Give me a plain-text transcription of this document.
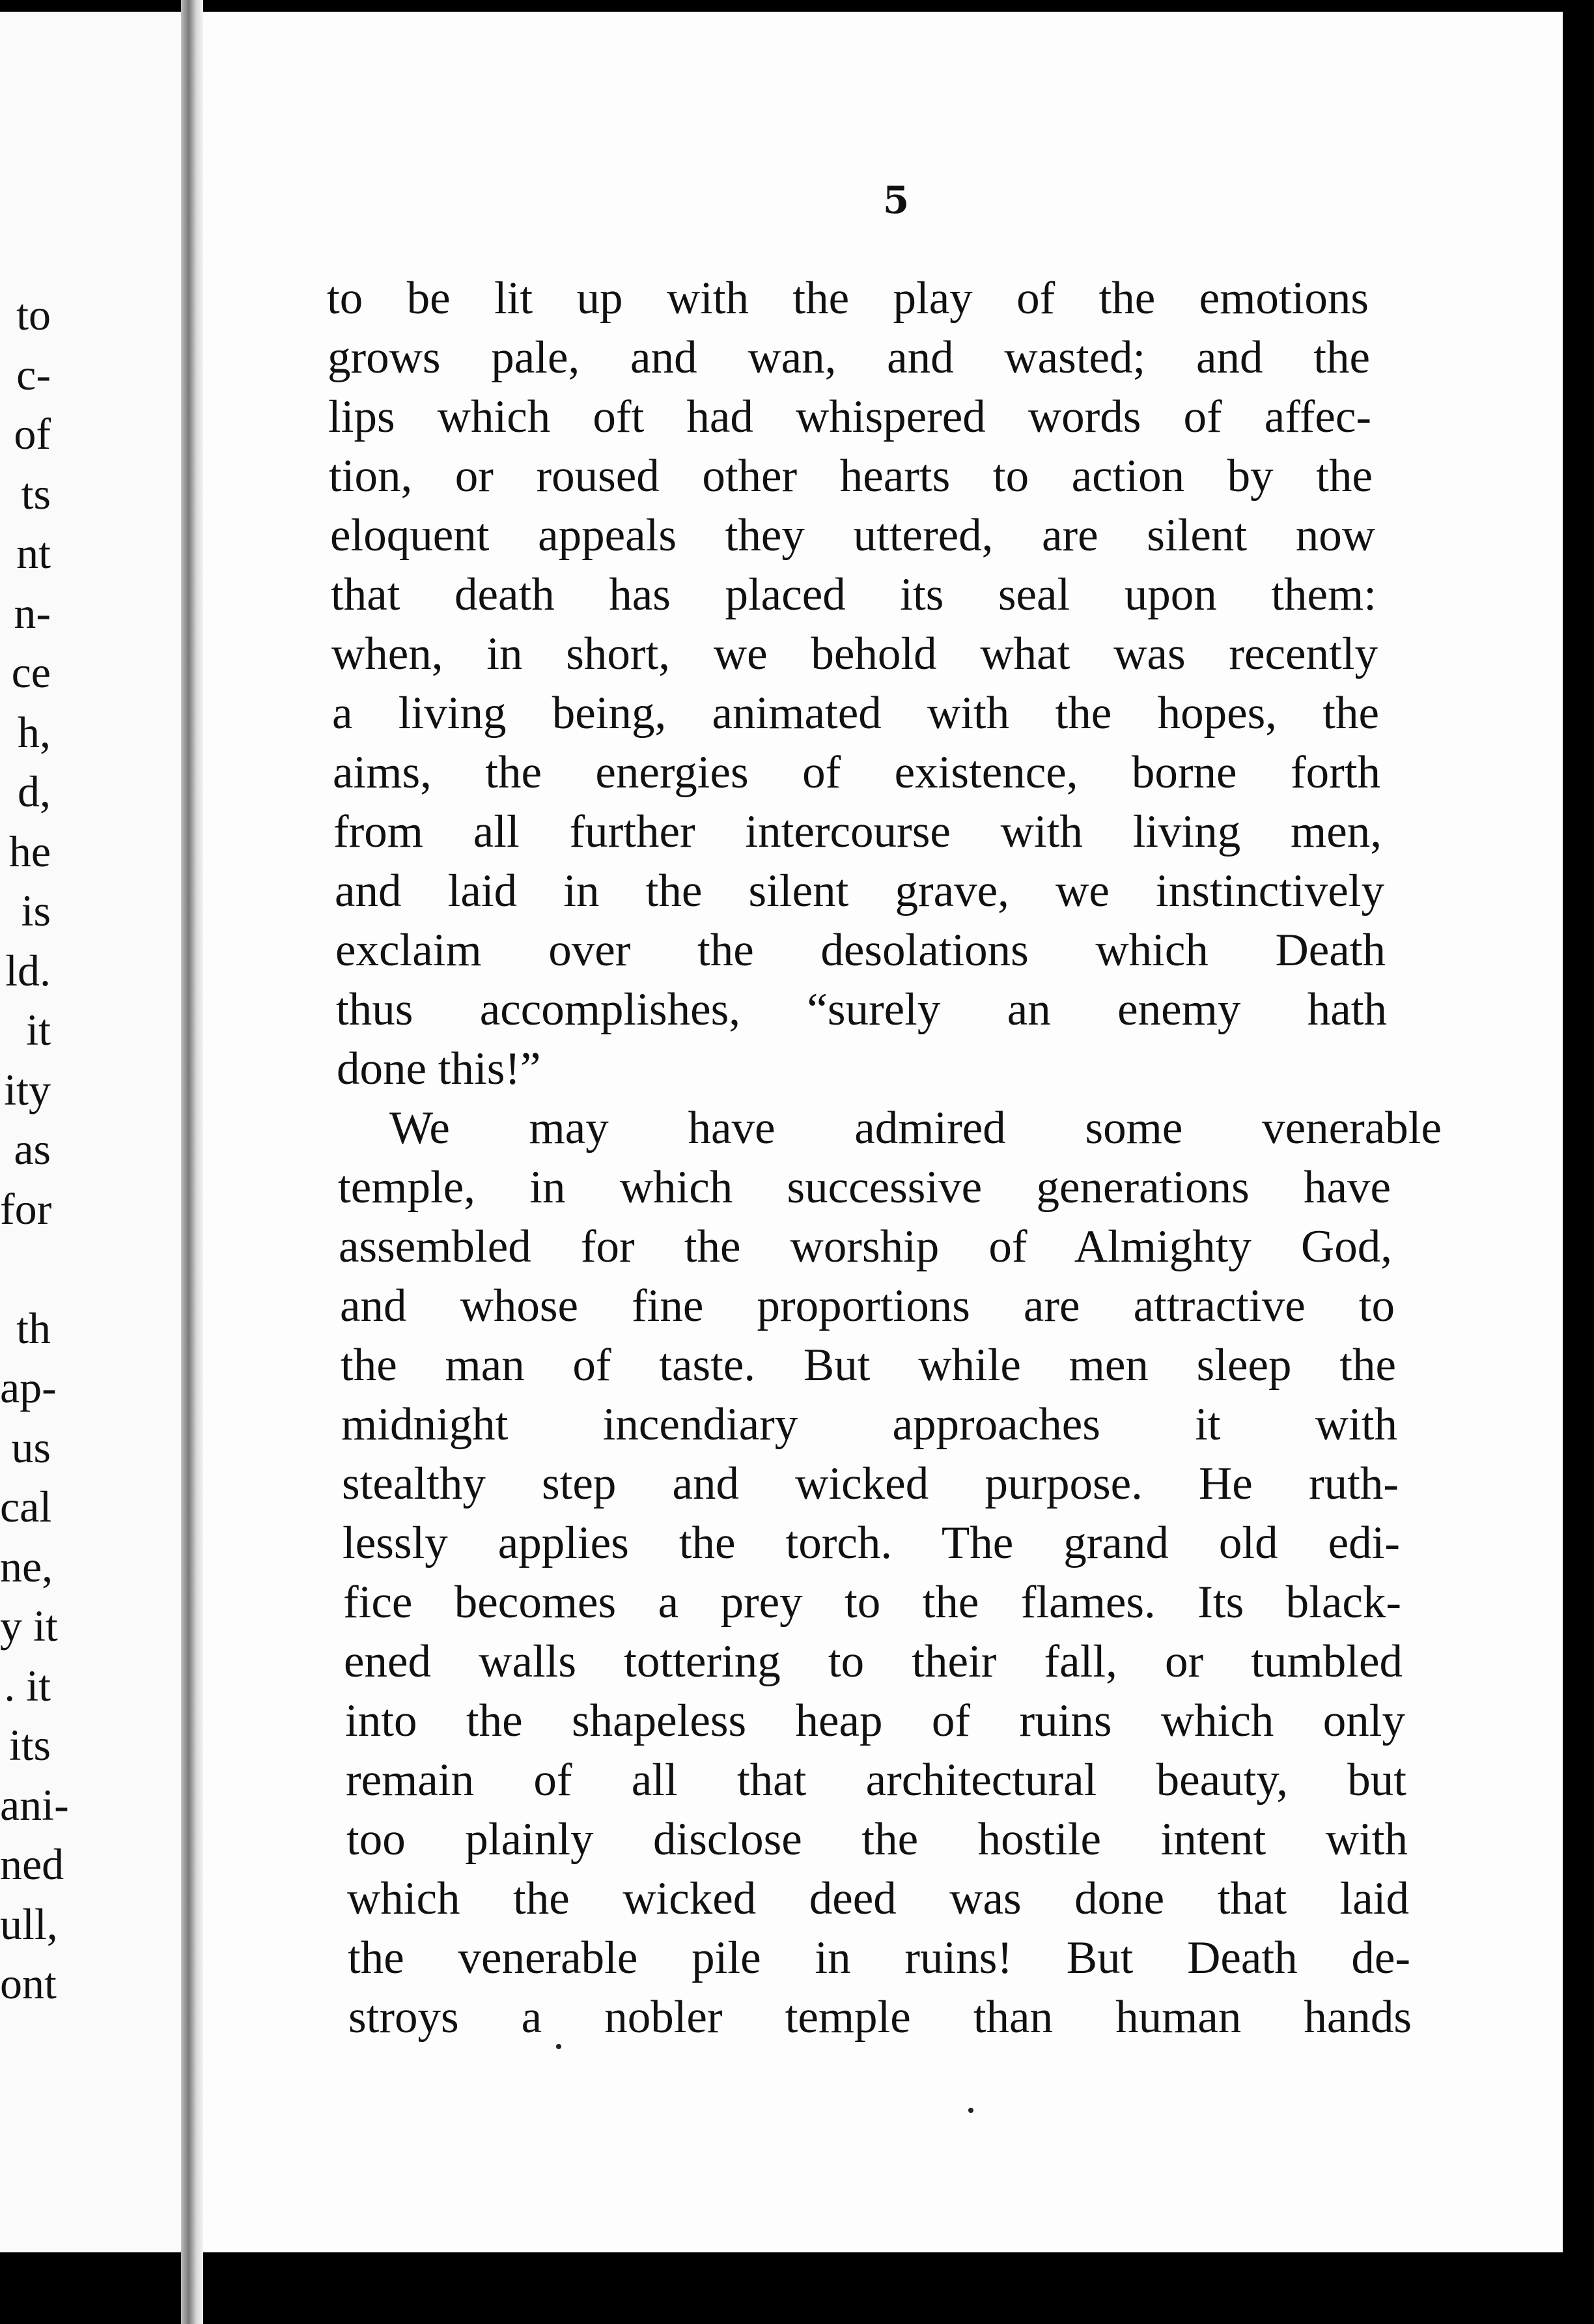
to
c-
of
ts
nt
n-
ce
h,
d,
he
is
ld.
it
ity
as
for
th
ap-
us
cal
ne,
y it
. it
its
ani-
ned
ull,
ont
5
to be lit up with the play of the emotions
grows pale, and wan, and wasted; and the
lips which oft had whispered words of affec-
tion, or roused other hearts to action by the
eloquent appeals they uttered, are silent now
that death has placed its seal upon them:
when, in short, we behold what was recently
a living being, animated with the hopes, the
aims, the energies of existence, borne forth
from all further intercourse with living men,
and laid in the silent grave, we instinctively
exclaim over the desolations which Death
thus accomplishes, “surely an enemy hath
done this!”
We may have admired some venerable
temple, in which successive generations have
assembled for the worship of Almighty God,
and whose fine proportions are attractive to
the man of taste. But while men sleep the
midnight incendiary approaches it with
stealthy step and wicked purpose. He ruth-
lessly applies the torch. The grand old edi-
fice becomes a prey to the flames. Its black-
ened walls tottering to their fall, or tumbled
into the shapeless heap of ruins which only
remain of all that architectural beauty, but
too plainly disclose the hostile intent with
which the wicked deed was done that laid
the venerable pile in ruins! But Death de-
stroys a nobler temple than human hands
